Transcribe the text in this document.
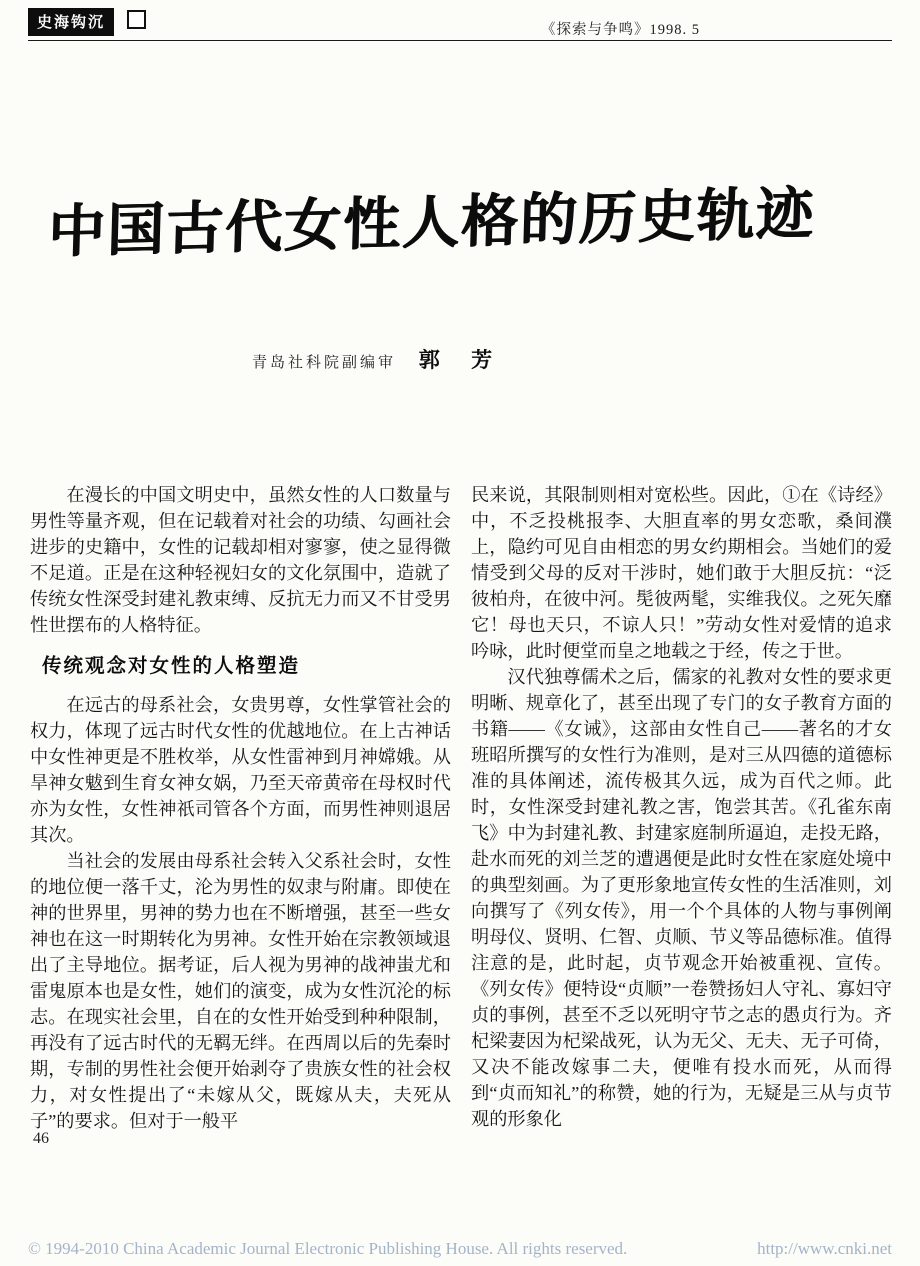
史海钩沉	《探索与争鸣》1998. 5
中国古代女性人格的历史轨迹
青岛社科院副编审 郭 芳

在漫长的中国文明史中，虽然女性的人口数量与男性等量齐观，但在记载着对社会的功绩、勾画社会进步的史籍中，女性的记载却相对寥寥，使之显得微不足道。正是在这种轻视妇女的文化氛围中，造就了传统女性深受封建礼教束缚、反抗无力而又不甘受男性世摆布的人格特征。

传统观念对女性的人格塑造

在远古的母系社会，女贵男尊，女性掌管社会的权力，体现了远古时代女性的优越地位。在上古神话中女性神更是不胜枚举，从女性雷神到月神嫦娥。从旱神女魃到生育女神女娲，乃至天帝黄帝在母权时代亦为女性，女性神祇司管各个方面，而男性神则退居其次。

当社会的发展由母系社会转入父系社会时，女性的地位便一落千丈，沦为男性的奴隶与附庸。即使在神的世界里，男神的势力也在不断增强，甚至一些女神也在这一时期转化为男神。女性开始在宗教领域退出了主导地位。据考证，后人视为男神的战神蚩尤和雷鬼原本也是女性，她们的演变，成为女性沉沦的标志。在现实社会里，自在的女性开始受到种种限制，再没有了远古时代的无羁无绊。在西周以后的先秦时期，专制的男性社会便开始剥夺了贵族女性的社会权力，对女性提出了“未嫁从父，既嫁从夫，夫死从子”的要求。但对于一般平

民来说，其限制则相对宽松些。因此，①在《诗经》中，不乏投桃报李、大胆直率的男女恋歌，桑间濮上，隐约可见自由相恋的男女约期相会。当她们的爱情受到父母的反对干涉时，她们敢于大胆反抗：“泛彼柏舟，在彼中河。髧彼两髦，实维我仪。之死矢靡它！母也天只，不谅人只！”劳动女性对爱情的追求吟咏，此时便堂而皇之地载之于经，传之于世。

汉代独尊儒术之后，儒家的礼教对女性的要求更明晰、规章化了，甚至出现了专门的女子教育方面的书籍——《女诫》，这部由女性自己——著名的才女班昭所撰写的女性行为准则，是对三从四德的道德标准的具体阐述，流传极其久远，成为百代之师。此时，女性深受封建礼教之害，饱尝其苦。《孔雀东南飞》中为封建礼教、封建家庭制所逼迫，走投无路，赴水而死的刘兰芝的遭遇便是此时女性在家庭处境中的典型刻画。为了更形象地宣传女性的生活准则，刘向撰写了《列女传》，用一个个具体的人物与事例阐明母仪、贤明、仁智、贞顺、节义等品德标准。值得注意的是，此时起，贞节观念开始被重视、宣传。《列女传》便特设“贞顺”一卷赞扬妇人守礼、寡妇守贞的事例，甚至不乏以死明守节之志的愚贞行为。齐杞梁妻因为杞梁战死，认为无父、无夫、无子可倚，又决不能改嫁事二夫，便唯有投水而死，从而得到“贞而知礼”的称赞，她的行为，无疑是三从与贞节观的形象化

46
© 1994-2010 China Academic Journal Electronic Publishing House. All rights reserved.	http://www.cnki.net
